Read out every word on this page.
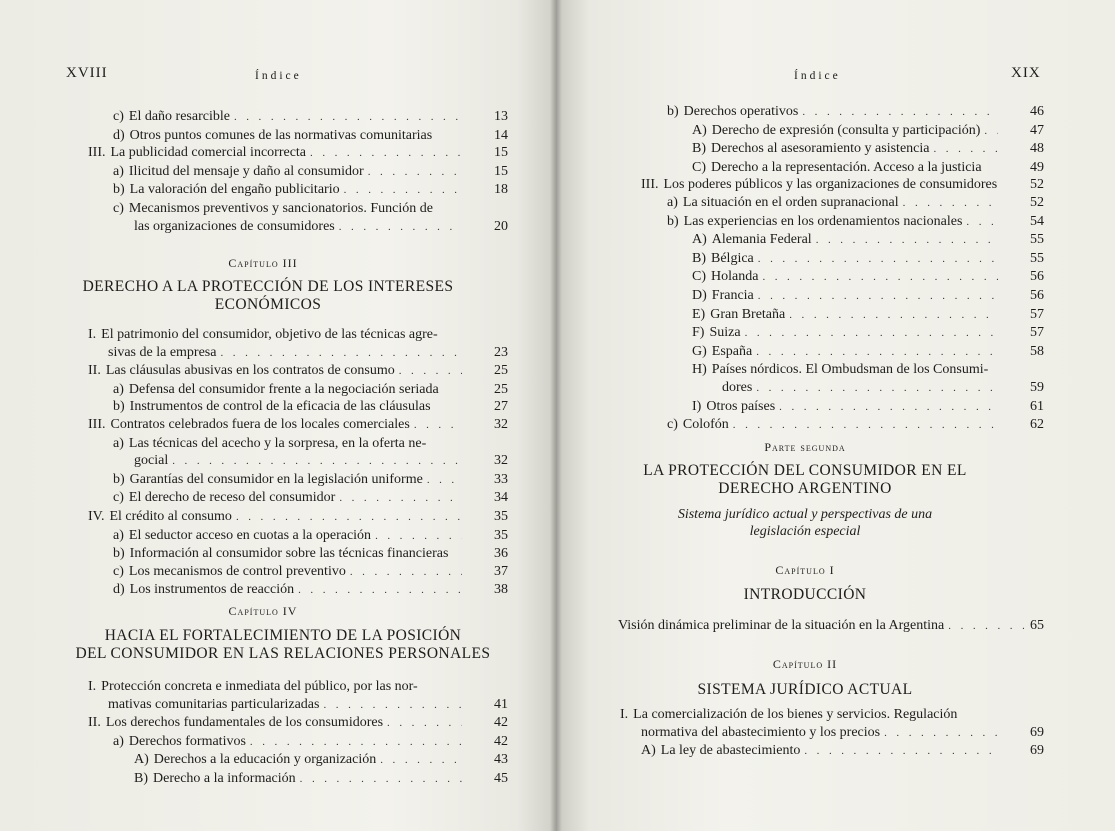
XVIII	Índice
c) El daño resarcible . . .	13
d) Otros puntos comunes de las normativas comunitarias	14
III. La publicidad comercial incorrecta . . .	15
a) Ilicitud del mensaje y daño al consumidor . . .	15
b) La valoración del engaño publicitario . . .	18
c) Mecanismos preventivos y sancionatorios. Función de
las organizaciones de consumidores . . .	20
Capítulo III
DERECHO A LA PROTECCIÓN DE LOS INTERESES
ECONÓMICOS
I. El patrimonio del consumidor, objetivo de las técnicas agre-
sivas de la empresa . . .	23
II. Las cláusulas abusivas en los contratos de consumo . . .	25
a) Defensa del consumidor frente a la negociación seriada	25
b) Instrumentos de control de la eficacia de las cláusulas	27
III. Contratos celebrados fuera de los locales comerciales . . .	32
a) Las técnicas del acecho y la sorpresa, en la oferta ne-
gocial . . .	32
b) Garantías del consumidor en la legislación uniforme . . .	33
c) El derecho de receso del consumidor . . .	34
IV. El crédito al consumo . . .	35
a) El seductor acceso en cuotas a la operación . . .	35
b) Información al consumidor sobre las técnicas financieras	36
c) Los mecanismos de control preventivo . . .	37
d) Los instrumentos de reacción . . .	38
Capítulo IV
HACIA EL FORTALECIMIENTO DE LA POSICIÓN
DEL CONSUMIDOR EN LAS RELACIONES PERSONALES
I. Protección concreta e inmediata del público, por las nor-
mativas comunitarias particularizadas . . .	41
II. Los derechos fundamentales de los consumidores . . .	42
a) Derechos formativos . . .	42
A) Derechos a la educación y organización . . .	43
B) Derecho a la información . . .	45
Índice	XIX
b) Derechos operativos . . .	46
A) Derecho de expresión (consulta y participación) . . .	47
B) Derechos al asesoramiento y asistencia . . .	48
C) Derecho a la representación. Acceso a la justicia	49
III. Los poderes públicos y las organizaciones de consumidores	52
a) La situación en el orden supranacional . . .	52
b) Las experiencias en los ordenamientos nacionales . . .	54
A) Alemania Federal . . .	55
B) Bélgica . . .	55
C) Holanda . . .	56
D) Francia . . .	56
E) Gran Bretaña . . .	57
F) Suiza . . .	57
G) España . . .	58
H) Países nórdicos. El Ombudsman de los Consumi-
dores . . .	59
I) Otros países . . .	61
c) Colofón . . .	62
Parte segunda
LA PROTECCIÓN DEL CONSUMIDOR EN EL
DERECHO ARGENTINO
Sistema jurídico actual y perspectivas de una
legislación especial
Capítulo I
INTRODUCCIÓN
Visión dinámica preliminar de la situación en la Argentina . . .	65
Capítulo II
SISTEMA JURÍDICO ACTUAL
I. La comercialización de los bienes y servicios. Regulación
normativa del abastecimiento y los precios . . .	69
A) La ley de abastecimiento . . .	69
